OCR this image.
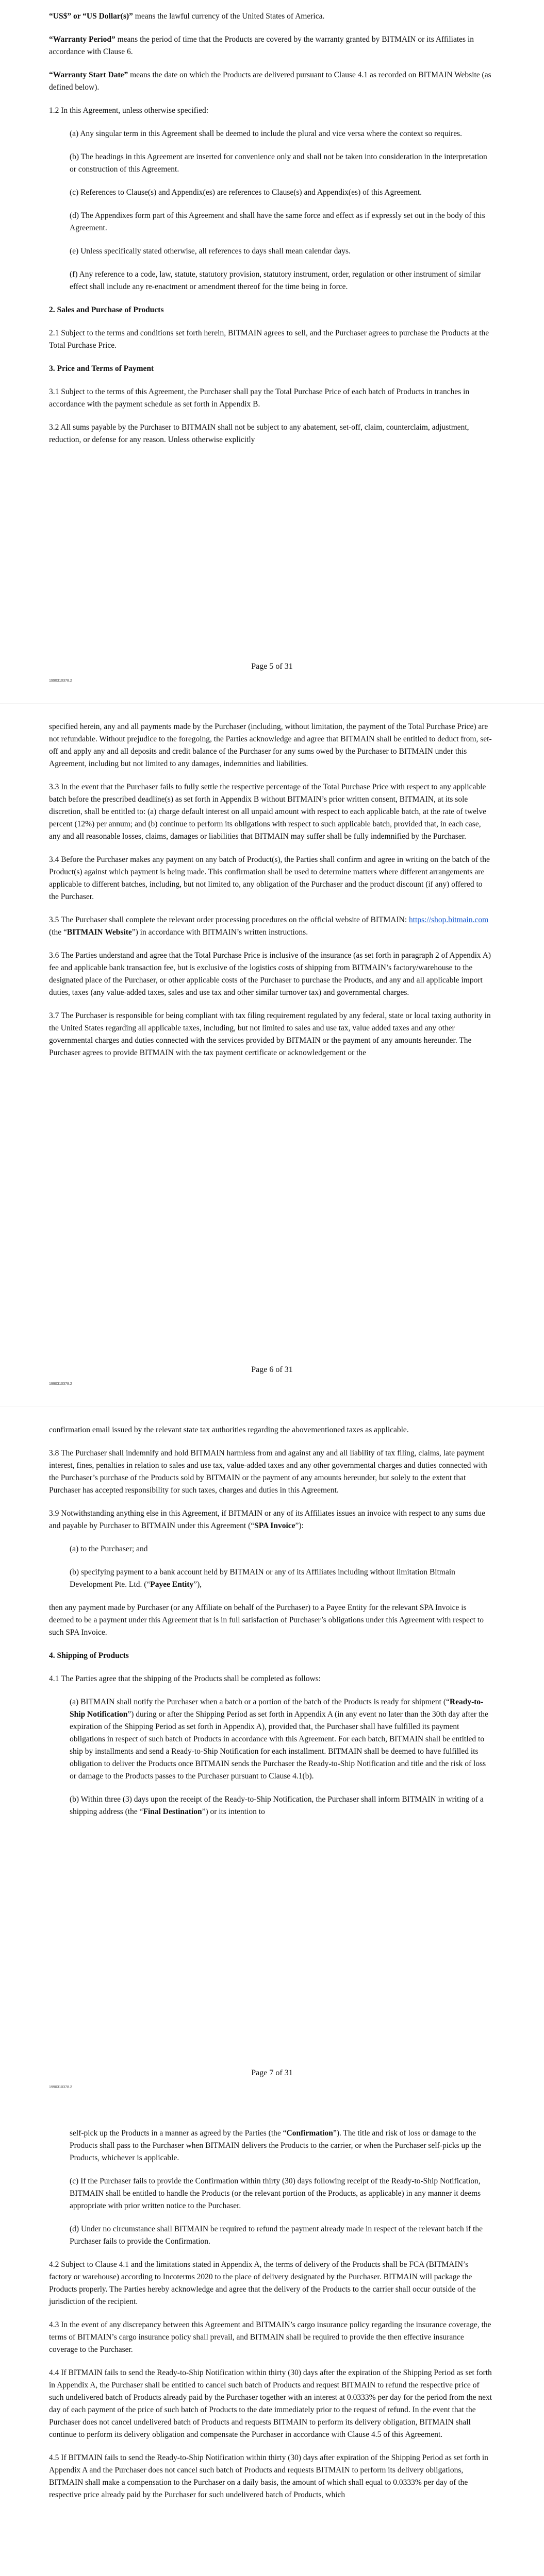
“US$” or “US Dollar(s)” means the lawful currency of the United States of America.

“Warranty Period” means the period of time that the Products are covered by the warranty granted by BITMAIN or its Affiliates in accordance with Clause 6.

“Warranty Start Date” means the date on which the Products are delivered pursuant to Clause 4.1 as recorded on BITMAIN Website (as defined below).

1.2 In this Agreement, unless otherwise specified:

(a) Any singular term in this Agreement shall be deemed to include the plural and vice versa where the context so requires.

(b) The headings in this Agreement are inserted for convenience only and shall not be taken into consideration in the interpretation or construction of this Agreement.

(c) References to Clause(s) and Appendix(es) are references to Clause(s) and Appendix(es) of this Agreement.

(d) The Appendixes form part of this Agreement and shall have the same force and effect as if expressly set out in the body of this Agreement.

(e) Unless specifically stated otherwise, all references to days shall mean calendar days.

(f) Any reference to a code, law, statute, statutory provision, statutory instrument, order, regulation or other instrument of similar effect shall include any re-enactment or amendment thereof for the time being in force.

2. Sales and Purchase of Products

2.1 Subject to the terms and conditions set forth herein, BITMAIN agrees to sell, and the Purchaser agrees to purchase the Products at the Total Purchase Price.

3. Price and Terms of Payment

3.1 Subject to the terms of this Agreement, the Purchaser shall pay the Total Purchase Price of each batch of Products in tranches in accordance with the payment schedule as set forth in Appendix B.

3.2 All sums payable by the Purchaser to BITMAIN shall not be subject to any abatement, set-off, claim, counterclaim, adjustment, reduction, or defense for any reason. Unless otherwise explicitly

Page 5 of 31
1990310378.2

specified herein, any and all payments made by the Purchaser (including, without limitation, the payment of the Total Purchase Price) are not refundable. Without prejudice to the foregoing, the Parties acknowledge and agree that BITMAIN shall be entitled to deduct from, set-off and apply any and all deposits and credit balance of the Purchaser for any sums owed by the Purchaser to BITMAIN under this Agreement, including but not limited to any damages, indemnities and liabilities.

3.3 In the event that the Purchaser fails to fully settle the respective percentage of the Total Purchase Price with respect to any applicable batch before the prescribed deadline(s) as set forth in Appendix B without BITMAIN’s prior written consent, BITMAIN, at its sole discretion, shall be entitled to: (a) charge default interest on all unpaid amount with respect to each applicable batch, at the rate of twelve percent (12%) per annum; and (b) continue to perform its obligations with respect to such applicable batch, provided that, in each case, any and all reasonable losses, claims, damages or liabilities that BITMAIN may suffer shall be fully indemnified by the Purchaser.

3.4 Before the Purchaser makes any payment on any batch of Product(s), the Parties shall confirm and agree in writing on the batch of the Product(s) against which payment is being made. This confirmation shall be used to determine matters where different arrangements are applicable to different batches, including, but not limited to, any obligation of the Purchaser and the product discount (if any) offered to the Purchaser.

3.5 The Purchaser shall complete the relevant order processing procedures on the official website of BITMAIN: https://shop.bitmain.com (the “BITMAIN Website”) in accordance with BITMAIN’s written instructions.

3.6 The Parties understand and agree that the Total Purchase Price is inclusive of the insurance (as set forth in paragraph 2 of Appendix A) fee and applicable bank transaction fee, but is exclusive of the logistics costs of shipping from BITMAIN’s factory/warehouse to the designated place of the Purchaser, or other applicable costs of the Purchaser to purchase the Products, and any and all applicable import duties, taxes (any value-added taxes, sales and use tax and other similar turnover tax) and governmental charges.

3.7 The Purchaser is responsible for being compliant with tax filing requirement regulated by any federal, state or local taxing authority in the United States regarding all applicable taxes, including, but not limited to sales and use tax, value added taxes and any other governmental charges and duties connected with the services provided by BITMAIN or the payment of any amounts hereunder. The Purchaser agrees to provide BITMAIN with the tax payment certificate or acknowledgement or the

Page 6 of 31
1990310378.2

confirmation email issued by the relevant state tax authorities regarding the abovementioned taxes as applicable.

3.8 The Purchaser shall indemnify and hold BITMAIN harmless from and against any and all liability of tax filing, claims, late payment interest, fines, penalties in relation to sales and use tax, value-added taxes and any other governmental charges and duties connected with the Purchaser’s purchase of the Products sold by BITMAIN or the payment of any amounts hereunder, but solely to the extent that Purchaser has accepted responsibility for such taxes, charges and duties in this Agreement.

3.9 Notwithstanding anything else in this Agreement, if BITMAIN or any of its Affiliates issues an invoice with respect to any sums due and payable by Purchaser to BITMAIN under this Agreement (“SPA Invoice”):

(a) to the Purchaser; and

(b) specifying payment to a bank account held by BITMAIN or any of its Affiliates including without limitation Bitmain Development Pte. Ltd. (“Payee Entity”),

then any payment made by Purchaser (or any Affiliate on behalf of the Purchaser) to a Payee Entity for the relevant SPA Invoice is deemed to be a payment under this Agreement that is in full satisfaction of Purchaser’s obligations under this Agreement with respect to such SPA Invoice.

4. Shipping of Products

4.1 The Parties agree that the shipping of the Products shall be completed as follows:

(a) BITMAIN shall notify the Purchaser when a batch or a portion of the batch of the Products is ready for shipment (“Ready-to-Ship Notification”) during or after the Shipping Period as set forth in Appendix A (in any event no later than the 30th day after the expiration of the Shipping Period as set forth in Appendix A), provided that, the Purchaser shall have fulfilled its payment obligations in respect of such batch of Products in accordance with this Agreement. For each batch, BITMAIN shall be entitled to ship by installments and send a Ready-to-Ship Notification for each installment. BITMAIN shall be deemed to have fulfilled its obligation to deliver the Products once BITMAIN sends the Purchaser the Ready-to-Ship Notification and title and the risk of loss or damage to the Products passes to the Purchaser pursuant to Clause 4.1(b).

(b) Within three (3) days upon the receipt of the Ready-to-Ship Notification, the Purchaser shall inform BITMAIN in writing of a shipping address (the “Final Destination”) or its intention to

Page 7 of 31
1990310378.2

self-pick up the Products in a manner as agreed by the Parties (the “Confirmation”). The title and risk of loss or damage to the Products shall pass to the Purchaser when BITMAIN delivers the Products to the carrier, or when the Purchaser self-picks up the Products, whichever is applicable.

(c) If the Purchaser fails to provide the Confirmation within thirty (30) days following receipt of the Ready-to-Ship Notification, BITMAIN shall be entitled to handle the Products (or the relevant portion of the Products, as applicable) in any manner it deems appropriate with prior written notice to the Purchaser.

(d) Under no circumstance shall BITMAIN be required to refund the payment already made in respect of the relevant batch if the Purchaser fails to provide the Confirmation.

4.2 Subject to Clause 4.1 and the limitations stated in Appendix A, the terms of delivery of the Products shall be FCA (BITMAIN’s factory or warehouse) according to Incoterms 2020 to the place of delivery designated by the Purchaser. BITMAIN will package the Products properly. The Parties hereby acknowledge and agree that the delivery of the Products to the carrier shall occur outside of the jurisdiction of the recipient.

4.3 In the event of any discrepancy between this Agreement and BITMAIN’s cargo insurance policy regarding the insurance coverage, the terms of BITMAIN’s cargo insurance policy shall prevail, and BITMAIN shall be required to provide the then effective insurance coverage to the Purchaser.

4.4 If BITMAIN fails to send the Ready-to-Ship Notification within thirty (30) days after the expiration of the Shipping Period as set forth in Appendix A, the Purchaser shall be entitled to cancel such batch of Products and request BITMAIN to refund the respective price of such undelivered batch of Products already paid by the Purchaser together with an interest at 0.0333% per day for the period from the next day of each payment of the price of such batch of Products to the date immediately prior to the request of refund. In the event that the Purchaser does not cancel undelivered batch of Products and requests BITMAIN to perform its delivery obligation, BITMAIN shall continue to perform its delivery obligation and compensate the Purchaser in accordance with Clause 4.5 of this Agreement.

4.5 If BITMAIN fails to send the Ready-to-Ship Notification within thirty (30) days after expiration of the Shipping Period as set forth in Appendix A and the Purchaser does not cancel such batch of Products and requests BITMAIN to perform its delivery obligations, BITMAIN shall make a compensation to the Purchaser on a daily basis, the amount of which shall equal to 0.0333% per day of the respective price already paid by the Purchaser for such undelivered batch of Products, which
